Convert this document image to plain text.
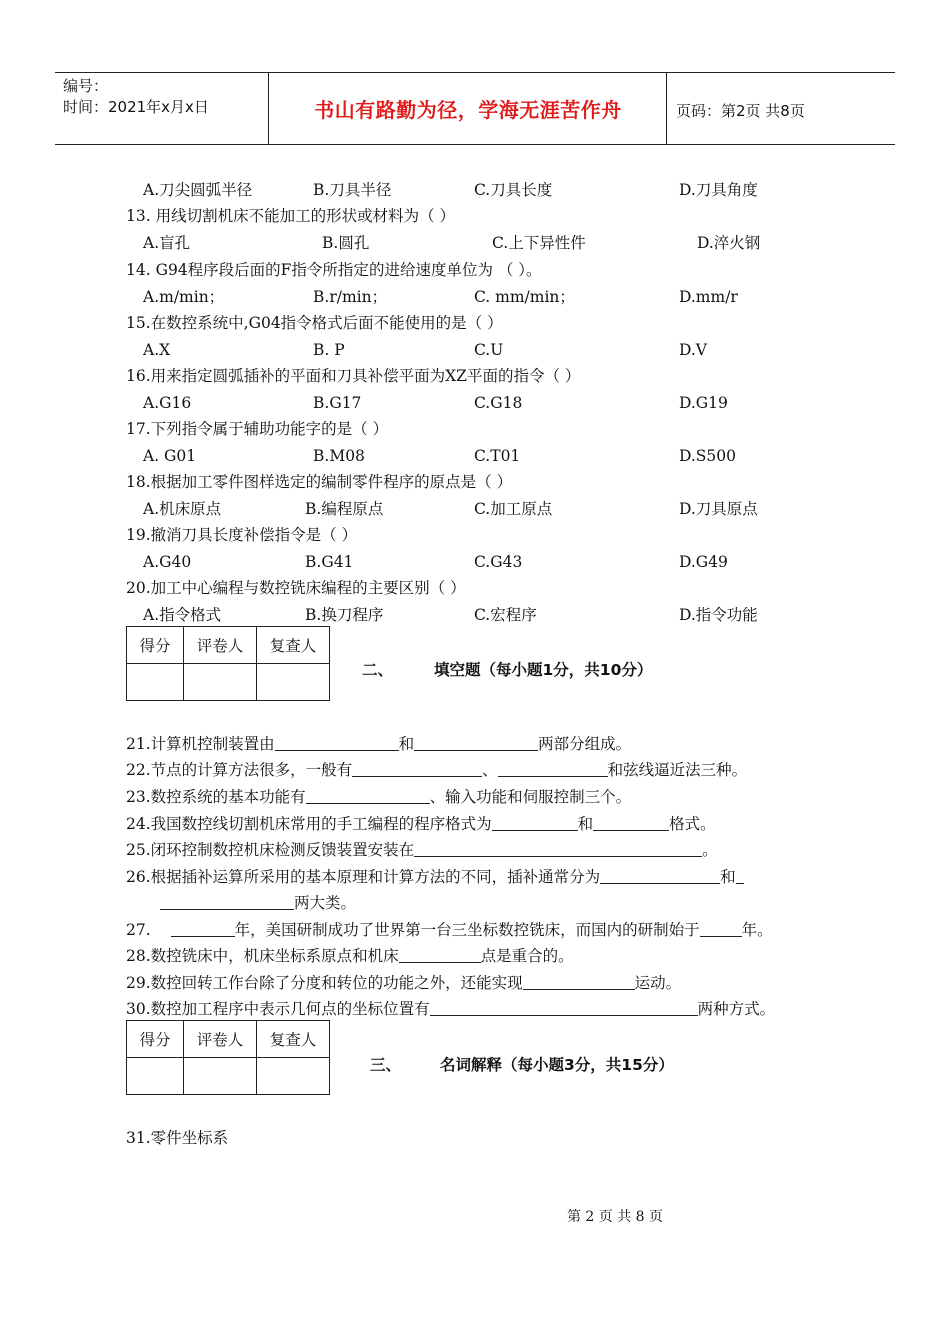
编号：
时间：2021年x月x日	书山有路勤为径，学海无涯苦作舟	页码：第2页 共8页
A.刀尖圆弧半径	B.刀具半径	C.刀具长度	D.刀具角度
13. 用线切割机床不能加工的形状或材料为（ ）
A.盲孔	B.圆孔	C.上下异性件	D.淬火钢
14. G94程序段后面的F指令所指定的进给速度单位为 （ ）。
A.m/min；	B.r/min；	C. mm/min；	D.mm/r
15.在数控系统中,G04指令格式后面不能使用的是（ ）
A.X	B. P	C.U	D.V
16.用来指定圆弧插补的平面和刀具补偿平面为XZ平面的指令（ ）
A.G16	B.G17	C.G18	D.G19
17.下列指令属于辅助功能字的是（ ）
A. G01	B.M08	C.T01	D.S500
18.根据加工零件图样选定的编制零件程序的原点是（ ）
A.机床原点	B.编程原点	C.加工原点	D.刀具原点
19.撤消刀具长度补偿指令是（ ）
A.G40	B.G41	C.G43	D.G49
20.加工中心编程与数控铣床编程的主要区别（ ）
A.指令格式	B.换刀程序	C.宏程序	D.指令功能
得分	评卷人	复查人

二、	填空题（每小题1分，共10分）
21.计算机控制装置由	和	两部分组成。
22.节点的计算方法很多，一般有	、	和弦线逼近法三种。
23.数控系统的基本功能有	、输入功能和伺服控制三个。
24.我国数控线切割机床常用的手工编程的程序格式为	和	格式。
25.闭环控制数控机床检测反馈装置安装在	。
26.根据插补运算所采用的基本原理和计算方法的不同，插补通常分为	和
两大类。
27.	年，美国研制成功了世界第一台三坐标数控铣床，而国内的研制始于	年。
28.数控铣床中，机床坐标系原点和机床	点是重合的。
29.数控回转工作台除了分度和转位的功能之外，还能实现	运动。
30.数控加工程序中表示几何点的坐标位置有	两种方式。
得分	评卷人	复查人

三、	名词解释（每小题3分，共15分）
31.零件坐标系
第 2 页 共 8 页
